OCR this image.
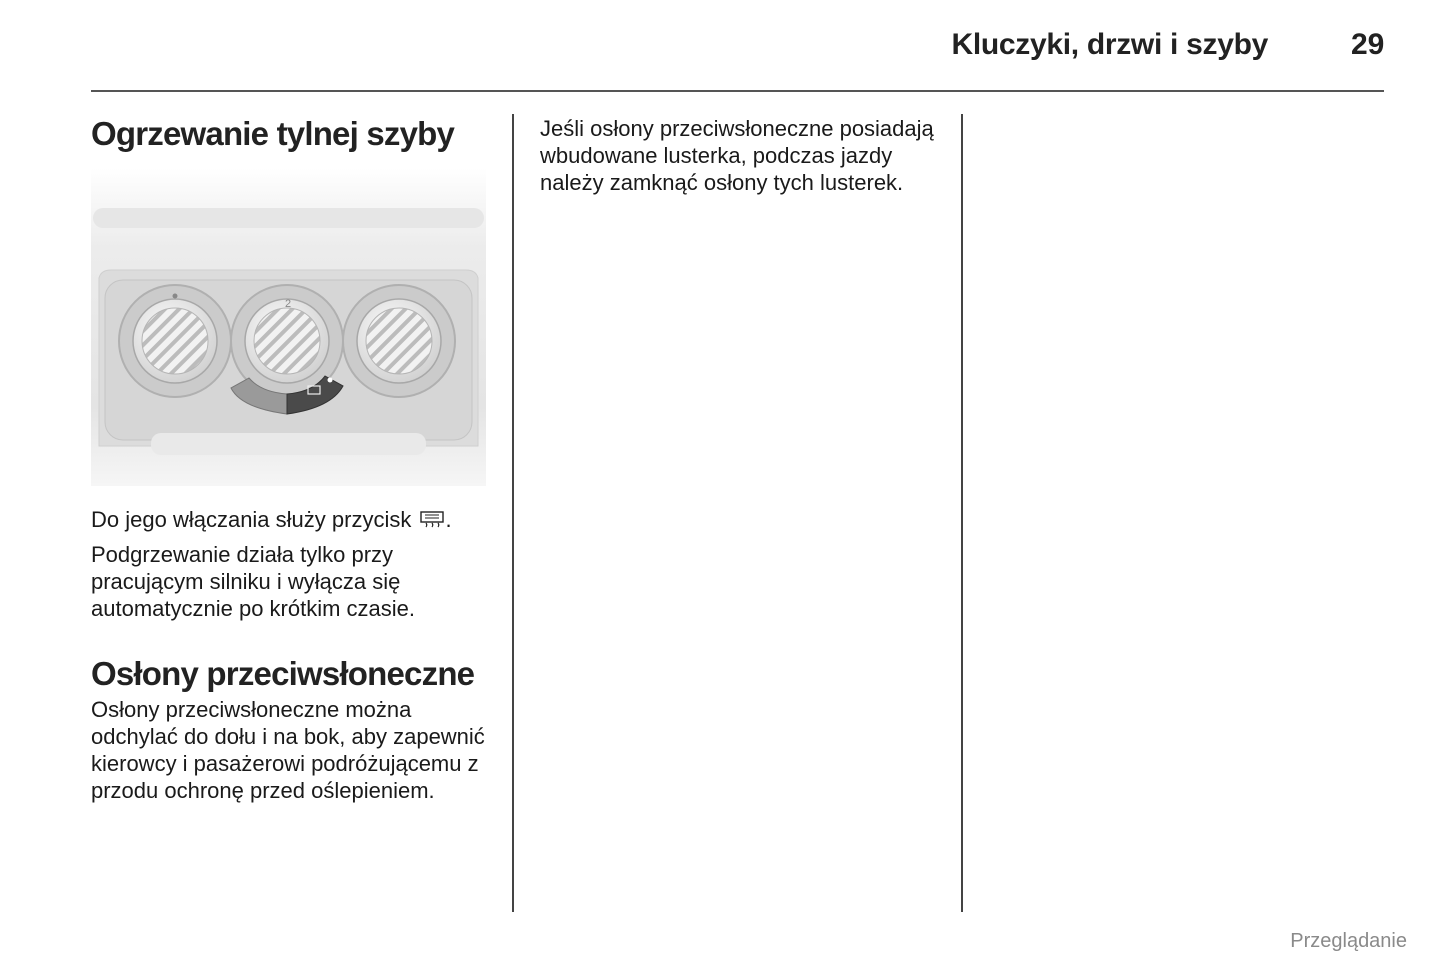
Kluczyki, drzwi i szyby	29
Ogrzewanie tylnej szyby
2

Do jego włączania służy przycisk .

Podgrzewanie działa tylko przy pracującym silniku i wyłącza się automatycznie po krótkim czasie.

Osłony przeciwsłoneczne

Osłony przeciwsłoneczne można odchylać do dołu i na bok, aby zapewnić kierowcy i pasażerowi podróżującemu z przodu ochronę przed oślepieniem.

Jeśli osłony przeciwsłoneczne posiadają wbudowane lusterka, podczas jazdy należy zamknąć osłony tych lusterek.

Przeglądanie
